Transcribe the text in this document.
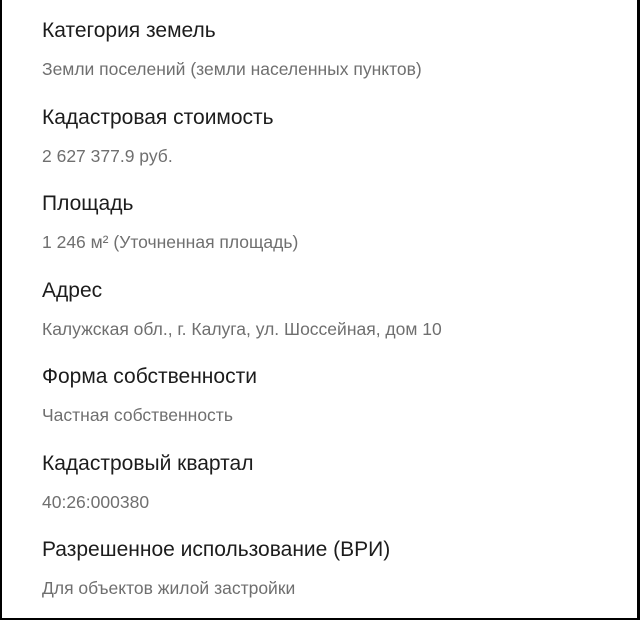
Категория земель
Земли поселений (земли населенных пунктов)
Кадастровая стоимость
2 627 377.9 руб.
Площадь
1 246 м² (Уточненная площадь)
Адрес
Калужская обл., г. Калуга, ул. Шоссейная, дом 10
Форма собственности
Частная собственность
Кадастровый квартал
40:26:000380
Разрешенное использование (ВРИ)
Для объектов жилой застройки
